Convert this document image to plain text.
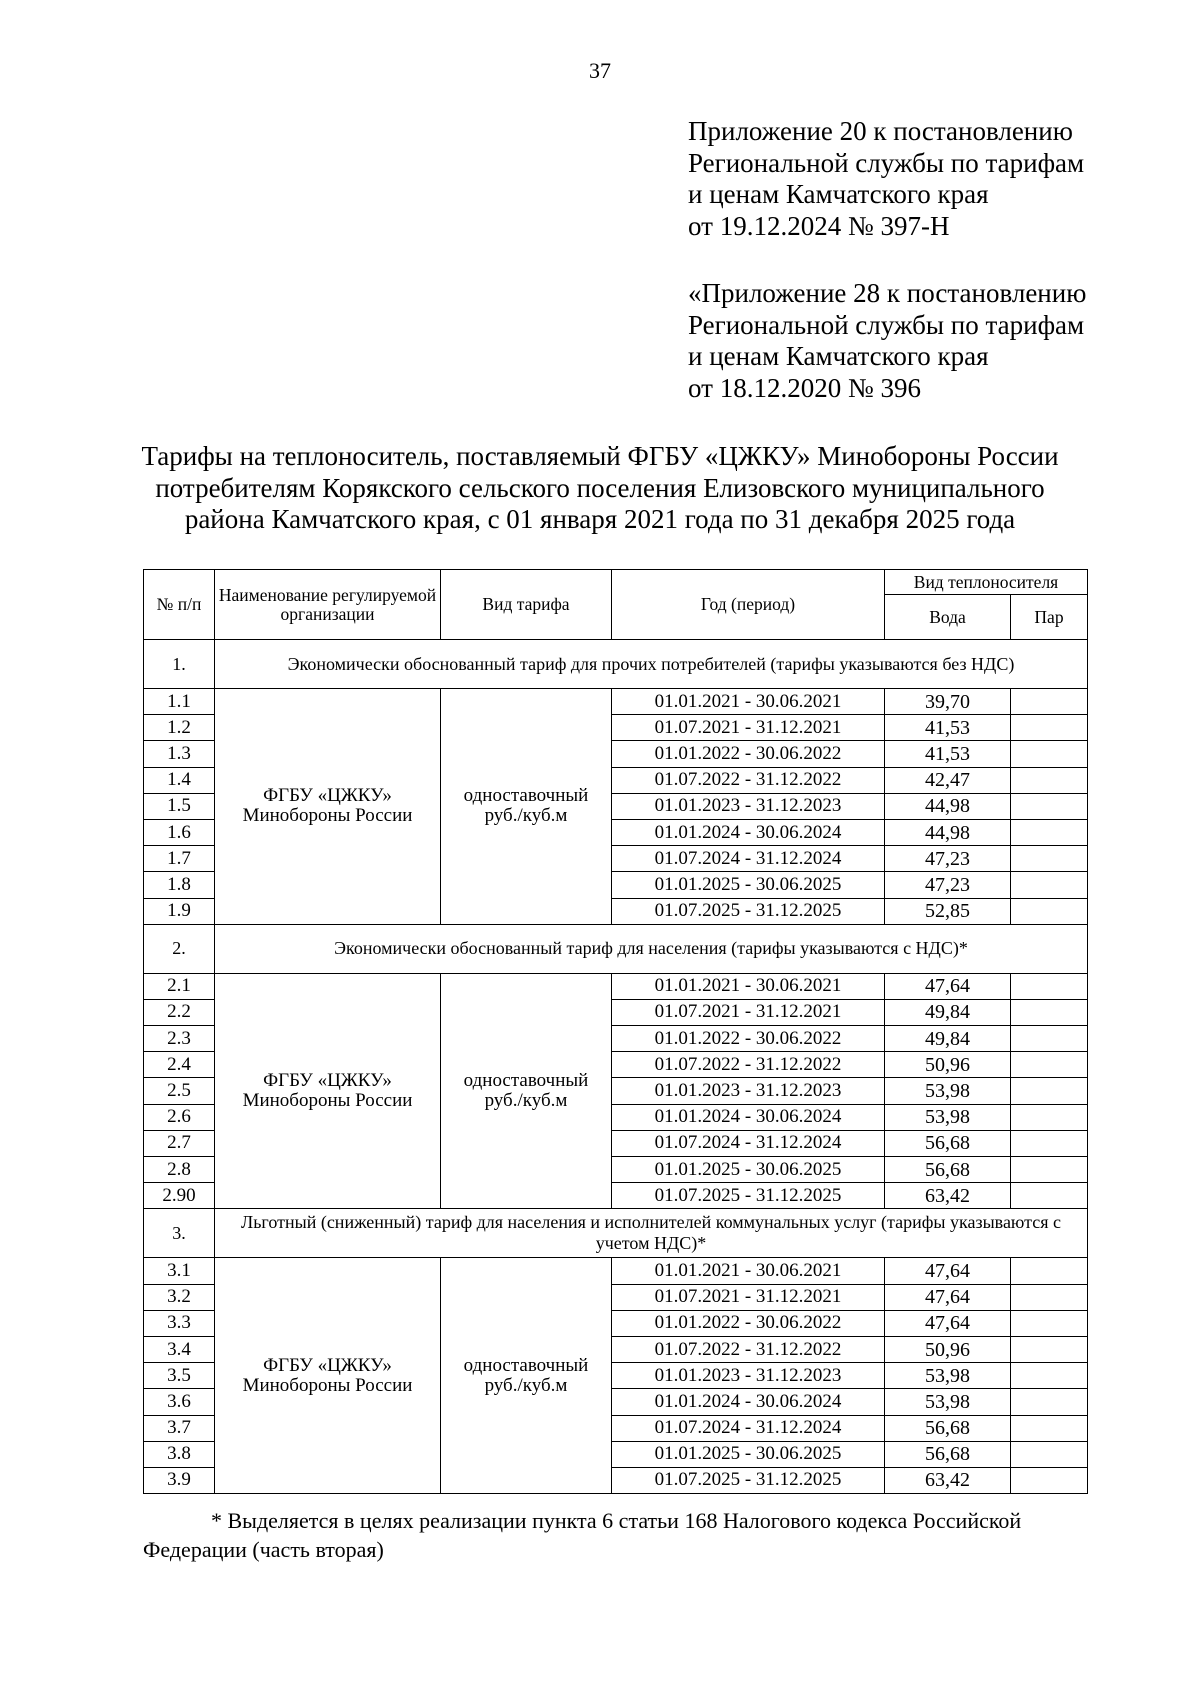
37
Приложение 20 к постановлению
Региональной службы по тарифам
и ценам Камчатского края
от 19.12.2024 № 397-Н
«Приложение 28 к постановлению
Региональной службы по тарифам
и ценам Камчатского края
от 18.12.2020 № 396
Тарифы на теплоноситель, поставляемый ФГБУ «ЦЖКУ» Минобороны России
потребителям Корякского сельского поселения Елизовского муниципального
района Камчатского края, с 01 января 2021 года по 31 декабря 2025 года
№ п/п	Наименование регулируемой организации	Вид тарифа	Год (период)	Вид теплоносителя	
				Вода	Пар
1.	Экономически обоснованный тариф для прочих потребителей (тарифы указываются без НДС)				
1.1	ФГБУ «ЦЖКУ» Минобороны России	одноставочный руб./куб.м	01.01.2021 - 30.06.2021	39,70	
1.2			01.07.2021 - 31.12.2021	41,53	
1.3			01.01.2022 - 30.06.2022	41,53	
1.4			01.07.2022 - 31.12.2022	42,47	
1.5			01.01.2023 - 31.12.2023	44,98	
1.6			01.01.2024 - 30.06.2024	44,98	
1.7			01.07.2024 - 31.12.2024	47,23	
1.8			01.01.2025 - 30.06.2025	47,23	
1.9			01.07.2025 - 31.12.2025	52,85	
2.	Экономически обоснованный тариф для населения (тарифы указываются с НДС)*				
2.1	ФГБУ «ЦЖКУ» Минобороны России	одноставочный руб./куб.м	01.01.2021 - 30.06.2021	47,64	
2.2			01.07.2021 - 31.12.2021	49,84	
2.3			01.01.2022 - 30.06.2022	49,84	
2.4			01.07.2022 - 31.12.2022	50,96	
2.5			01.01.2023 - 31.12.2023	53,98	
2.6			01.01.2024 - 30.06.2024	53,98	
2.7			01.07.2024 - 31.12.2024	56,68	
2.8			01.01.2025 - 30.06.2025	56,68	
2.90			01.07.2025 - 31.12.2025	63,42	
3.	Льготный (сниженный) тариф для населения и исполнителей коммунальных услуг (тарифы указываются с учетом НДС)*				
3.1	ФГБУ «ЦЖКУ» Минобороны России	одноставочный руб./куб.м	01.01.2021 - 30.06.2021	47,64	
3.2			01.07.2021 - 31.12.2021	47,64	
3.3			01.01.2022 - 30.06.2022	47,64	
3.4			01.07.2022 - 31.12.2022	50,96	
3.5			01.01.2023 - 31.12.2023	53,98	
3.6			01.01.2024 - 30.06.2024	53,98	
3.7			01.07.2024 - 31.12.2024	56,68	
3.8			01.01.2025 - 30.06.2025	56,68	
3.9			01.07.2025 - 31.12.2025	63,42	
* Выделяется в целях реализации пункта 6 статьи 168 Налогового кодекса Российской Федерации (часть вторая)
